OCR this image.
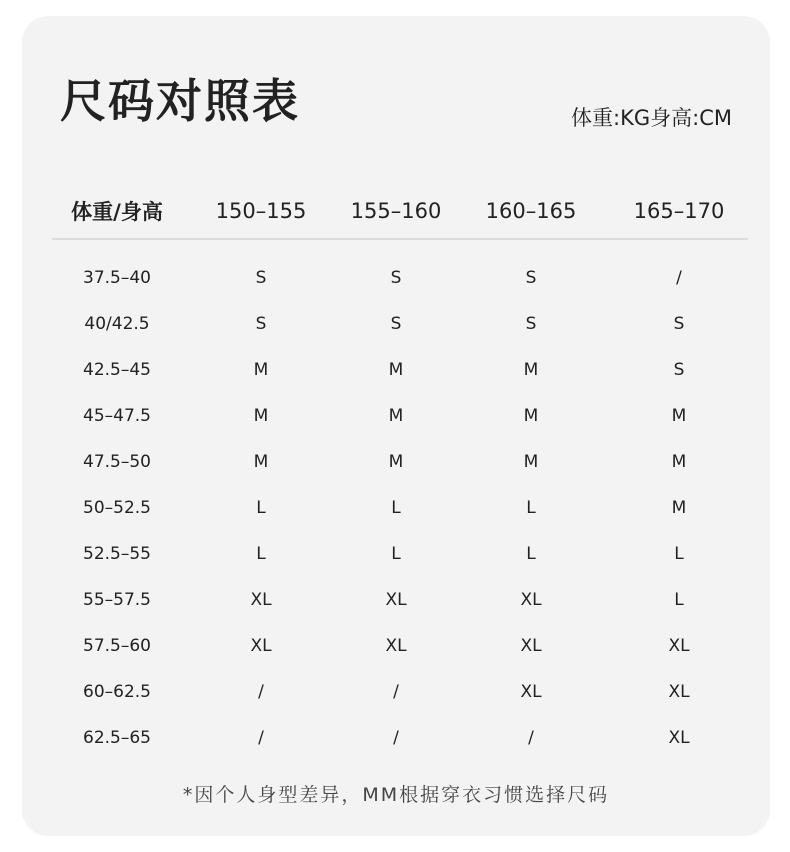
尺码对照表	体重:KG身高:CM
体重/身高	150–155	155–160	160–165	165–170
37.5–40	S	S	S	/
40/42.5	S	S	S	S
42.5–45	M	M	M	S
45–47.5	M	M	M	M
47.5–50	M	M	M	M
50–52.5	L	L	L	M
52.5–55	L	L	L	L
55–57.5	XL	XL	XL	L
57.5–60	XL	XL	XL	XL
60–62.5	/	/	XL	XL
62.5–65	/	/	/	XL
*因个人身型差异，MM根据穿衣习惯选择尺码
